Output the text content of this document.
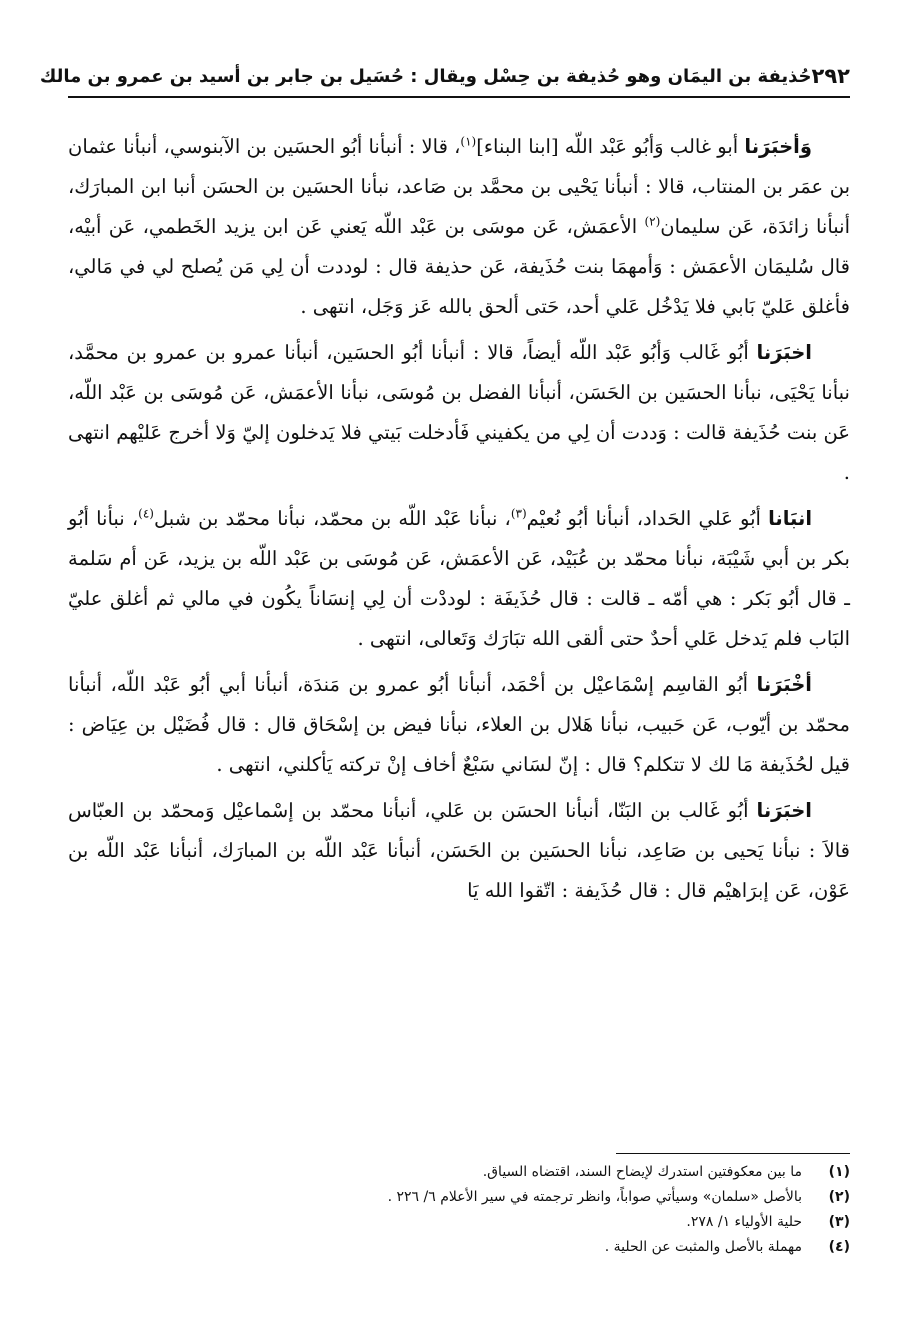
٢٩٢
حُذيفة بن اليمَان وهو حُذيفة بن حِسْل ويقال : حُسَيل بن جابر بن أسيد بن عمرو بن مالك

وَأخبَرَنا أبو غالب وَأبُو عَبْد اللّه [ابنا البناء]$^{(١)}$، قالا : أنبأنا أبُو الحسَين بن الآبنوسي، أنبأنا عثمان بن عمَر بن المنتاب، قالا : أنبأنا يَحْيى بن محمَّد بن صَاعد، نبأنا الحسَين بن الحسَن أنبا ابن المبارَك، أنبأنا زائدَة، عَن سليمان$^{(٢)}$ الأعمَش، عَن موسَى بن عَبْد اللّه يَعني عَن ابن يزيد الخَطمي، عَن أبيْه، قال سُليمَان الأعمَش : وَأمهمَا بنت حُذَيفة، عَن حذيفة قال : لوددت أن لِي مَن يُصلح لي في مَالي، فأغلق عَليّ بَابي فلا يَدْخُل عَلي أحد، حَتى ألحق بالله عَز وَجَل، انتهى .

اخبَرَنا أبُو غَالب وَأبُو عَبْد اللّه أيضاً، قالا : أنبأنا أبُو الحسَين، أنبأنا عمرو بن عمرو بن محمَّد، نبأنا يَحْيَى، نبأنا الحسَين بن الحَسَن، أنبأنا الفضل بن مُوسَى، نبأنا الأعمَش، عَن مُوسَى بن عَبْد اللّه، عَن بنت حُذَيفة قالت : وَددت أن لِي من يكفيني فَأدخلت بَيتي فلا يَدخلون إليّ وَلا أخرج عَليْهم انتهى .

انبَانا أبُو عَلي الحَداد، أنبأنا أبُو نُعيْم$^{(٣)}$، نبأنا عَبْد اللّه بن محمّد، نبأنا محمّد بن شبل$^{(٤)}$، نبأنا أبُو بكر بن أبي شَيْبَة، نبأنا محمّد بن عُبَيْد، عَن الأعمَش، عَن مُوسَى بن عَبْد اللّه بن يزيد، عَن أم سَلمة ـ قال أبُو بَكر : هي أمّه ـ قالت : قال حُذَيفَة : لوددْت أن لِي إنسَاناً يكُون في مالي ثم أغلق عليّ البَاب فلم يَدخل عَلي أحدٌ حتى ألقى الله تبَارَك وَتَعالى، انتهى .

أخْبَرَنا أبُو القاسِم إسْمَاعيْل بن أحْمَد، أنبأنا أبُو عمرو بن مَندَة، أنبأنا أبي أبُو عَبْد اللّه، أنبأنا محمّد بن أيّوب، عَن حَبيب، نبأنا هَلال بن العلاء، نبأنا فيض بن إسْحَاق قال : قال فُضَيْل بن عِيَاض : قيل لحُذَيفة مَا لك لا تتكلم؟ قال : إنّ لسَاني سَبْعٌ أخاف إنْ تركته يَأكلني، انتهى .

اخبَرَنا أبُو غَالب بن البَنّا، أنبأنا الحسَن بن عَلي، أنبأنا محمّد بن إسْماعيْل وَمحمّد بن العبّاس قالاَ : نبأنا يَحيى بن صَاعِد، نبأنا الحسَين بن الحَسَن، أنبأنا عَبْد اللّه بن المبارَك، أنبأنا عَبْد اللّه بن عَوْن، عَن إبرَاهيْم قال : قال حُذَيفة : اتّقوا الله يَا

(١)
ما بين معكوفتين استدرك لإيضاح السند، اقتضاه السياق.
(٢)
بالأصل «سلمان» وسيأتي صواباً، وانظر ترجمته في سير الأعلام ٦/ ٢٢٦ .
(٣)
حلية الأولياء ١/ ٢٧٨.
(٤)
مهملة بالأصل والمثبت عن الحلية .
